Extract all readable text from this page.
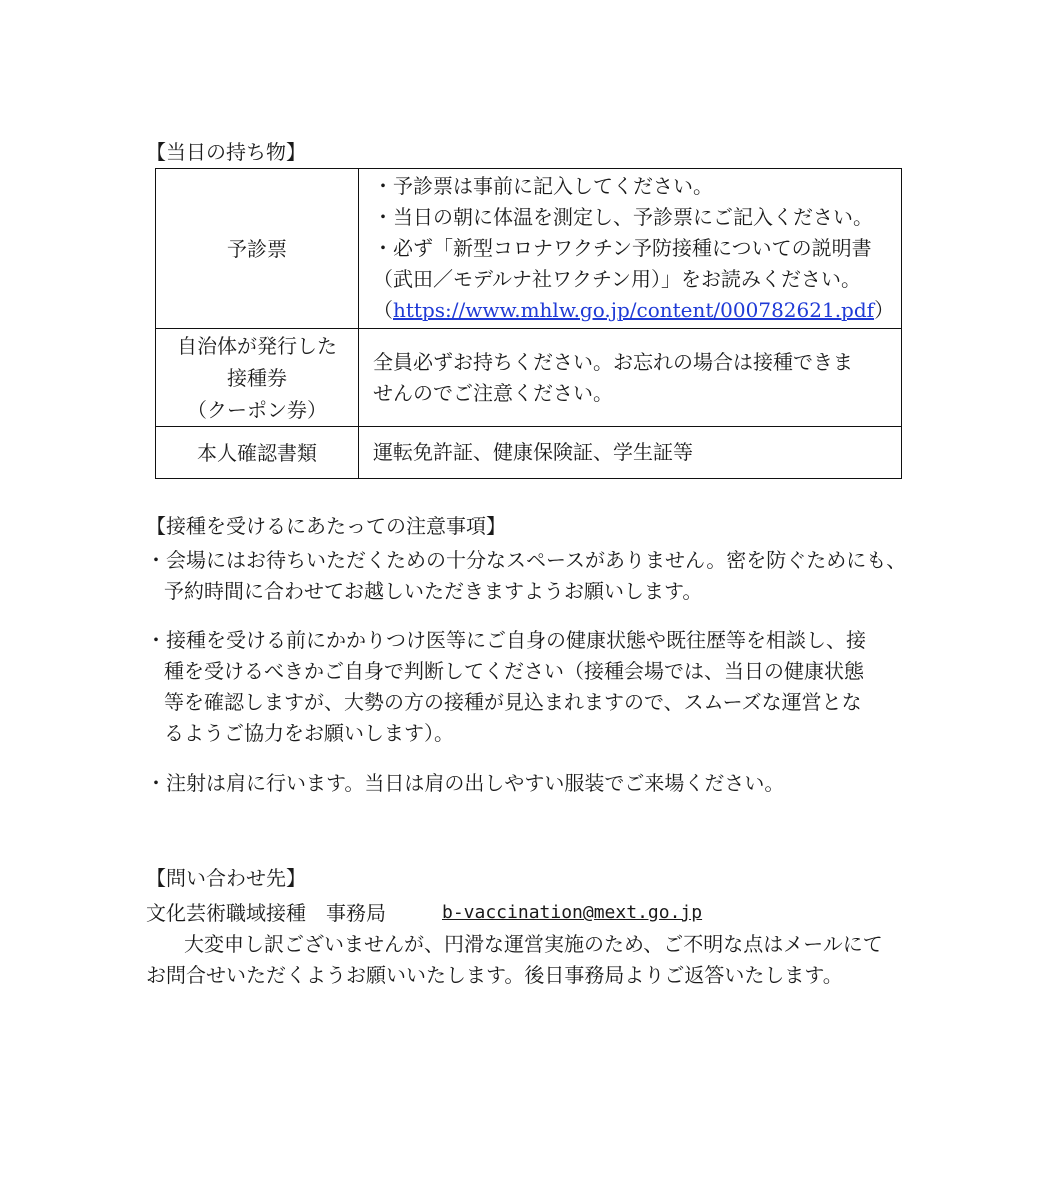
【当日の持ち物】
予診票	・予診票は事前に記入してください。
・当日の朝に体温を測定し、予診票にご記入ください。
・必ず「新型コロナワクチン予防接種についての説明書
（武田／モデルナ社ワクチン用）」をお読みください。
（https://www.mhlw.go.jp/content/000782621.pdf）

自治体が発行した
接種券
（クーポン券）	全員必ずお持ちください。お忘れの場合は接種できま
せんのでご注意ください。

本人確認書類	運転免許証、健康保険証、学生証等
【接種を受けるにあたっての注意事項】
・会場にはお待ちいただくための十分なスペースがありません。密を防ぐためにも、
予約時間に合わせてお越しいただきますようお願いします。
・接種を受ける前にかかりつけ医等にご自身の健康状態や既往歴等を相談し、接
種を受けるべきかご自身で判断してください（接種会場では、当日の健康状態
等を確認しますが、大勢の方の接種が見込まれますので、スムーズな運営とな
るようご協力をお願いします）。
・注射は肩に行います。当日は肩の出しやすい服装でご来場ください。
【問い合わせ先】
文化芸術職域接種　事務局	b-vaccination@mext.go.jp
大変申し訳ございませんが、円滑な運営実施のため、ご不明な点はメールにて
お問合せいただくようお願いいたします。後日事務局よりご返答いたします。
